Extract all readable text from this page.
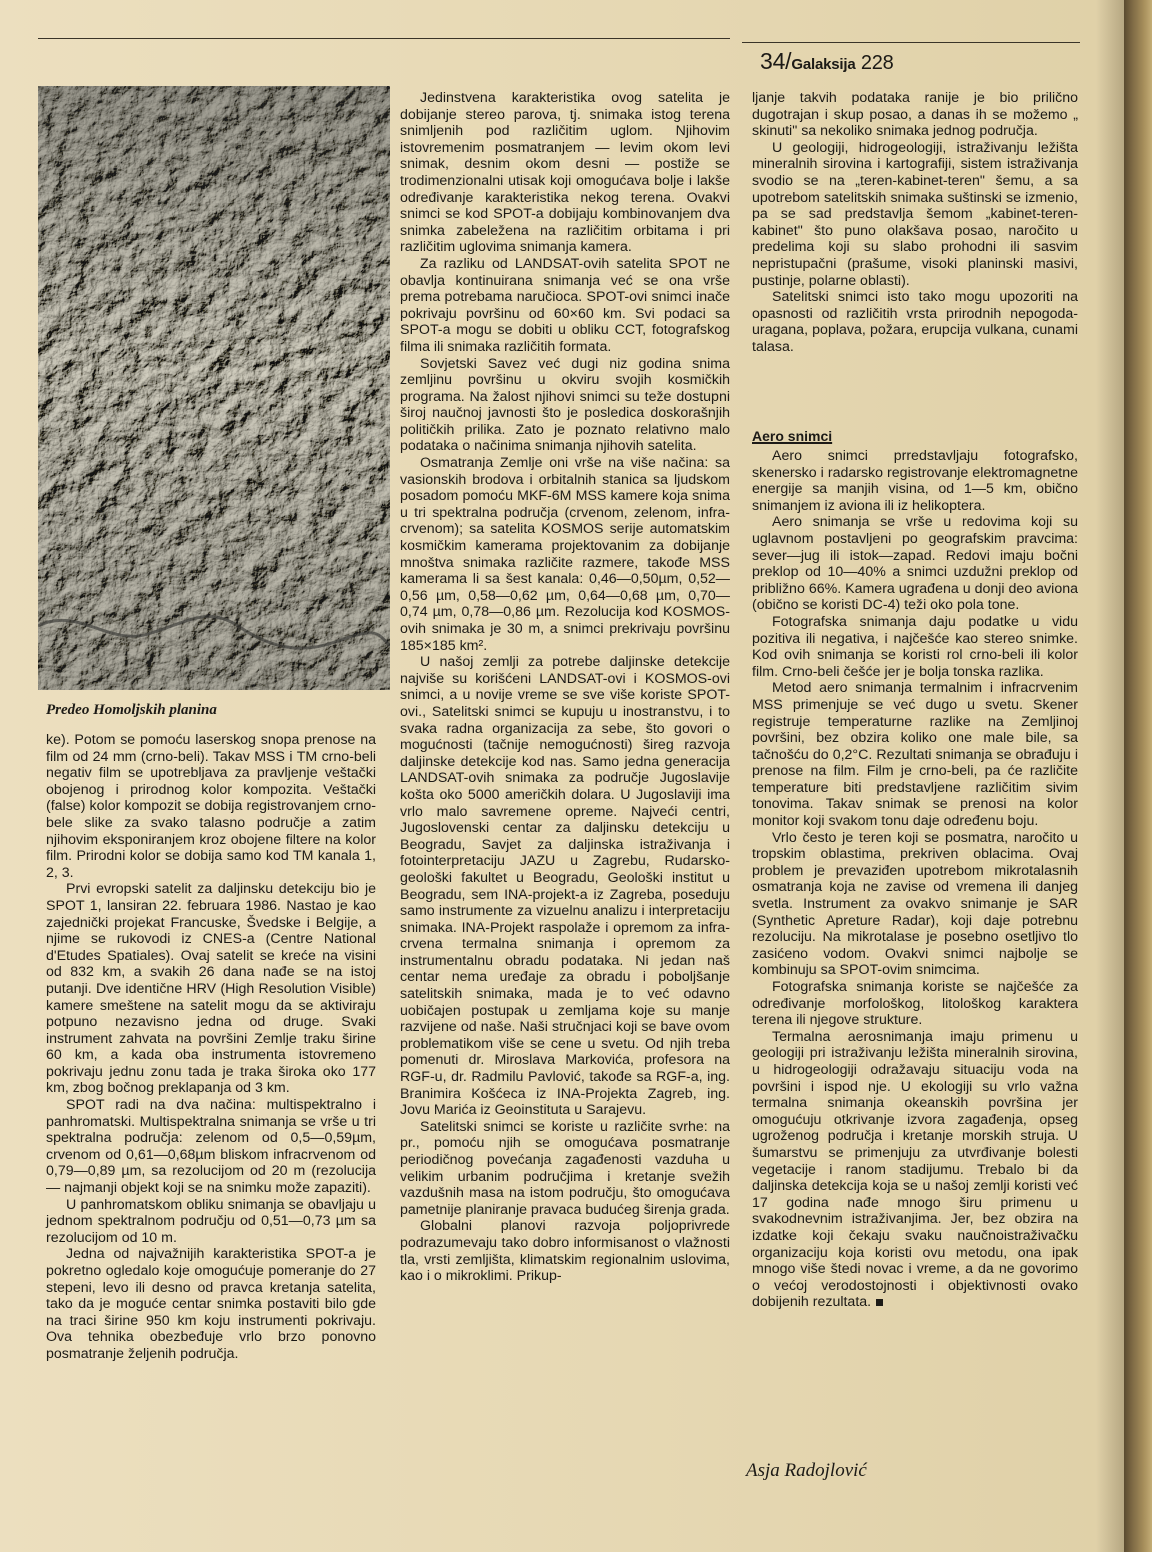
34/Galaksija 228
Predeo Homoljskih planina

ke). Potom se pomoću laserskog snopa prenose na film od 24 mm (crno-beli). Takav MSS i TM crno-beli negativ film se upotrebljava za pravljenje veštački obojenog i prirodnog kolor kompozita. Veštački (false) kolor kompozit se dobija registrovanjem crno-bele slike za svako talasno područje a zatim njihovim eksponiranjem kroz obojene filtere na kolor film. Prirodni kolor se dobija samo kod TM kanala 1, 2, 3.

Prvi evropski satelit za daljinsku detekciju bio je SPOT 1, lansiran 22. februara 1986. Nastao je kao zajednički projekat Francuske, Švedske i Belgije, a njime se rukovodi iz CNES-a (Centre National d'Etudes Spatiales). Ovaj satelit se kreće na visini od 832 km, a svakih 26 dana nađe se na istoj putanji. Dve identične HRV (High Resolution Visible) kamere smeštene na satelit mogu da se aktiviraju potpuno nezavisno jedna od druge. Svaki instrument zahvata na površini Zemlje traku širine 60 km, a kada oba instrumenta istovremeno pokrivaju jednu zonu tada je traka široka oko 177 km, zbog bočnog preklapanja od 3 km.

SPOT radi na dva načina: multispektralno i panhromatski. Multispektralna snimanja se vrše u tri spektralna područja: zelenom od 0,5—0,59µm, crvenom od 0,61—0,68µm bliskom infracrvenom od 0,79—0,89 µm, sa rezolucijom od 20 m (rezolucija — najmanji objekt koji se na snimku može zapaziti).

U panhromatskom obliku snimanja se obavljaju u jednom spektralnom području od 0,51—0,73 µm sa rezolucijom od 10 m.

Jedna od najvažnijih karakteristika SPOT-a je pokretno ogledalo koje omogućuje pomeranje do 27 stepeni, levo ili desno od pravca kretanja satelita, tako da je moguće centar snimka postaviti bilo gde na traci širine 950 km koju instrumenti pokrivaju. Ova tehnika obezbeđuje vrlo brzo ponovno posmatranje željenih područja.

Jedinstvena karakteristika ovog satelita je dobijanje stereo parova, tj. snimaka istog terena snimljenih pod različitim uglom. Njihovim istovremenim posmatranjem — levim okom levi snimak, desnim okom desni — postiže se trodimenzionalni utisak koji omogućava bolje i lakše određivanje karakteristika nekog terena. Ovakvi snimci se kod SPOT-a dobijaju kombinovanjem dva snimka zabeležena na različitim orbitama i pri različitim uglovima snimanja kamera.

Za razliku od LANDSAT-ovih satelita SPOT ne obavlja kontinuirana snimanja već se ona vrše prema potrebama naručioca. SPOT-ovi snimci inače pokrivaju površinu od 60×60 km. Svi podaci sa SPOT-a mogu se dobiti u obliku CCT, fotografskog filma ili snimaka različitih formata.

Sovjetski Savez već dugi niz godina snima zemljinu površinu u okviru svojih kosmičkih programa. Na žalost njihovi snimci su teže dostupni široj naučnoj javnosti što je posledica doskorašnjih političkih prilika. Zato je poznato relativno malo podataka o načinima snimanja njihovih satelita.

Osmatranja Zemlje oni vrše na više načina: sa vasionskih brodova i orbitalnih stanica sa ljudskom posadom pomoću MKF-6M MSS kamere koja snima u tri spektralna područja (crvenom, zelenom, infra-crvenom); sa satelita KOSMOS serije automatskim kosmičkim kamerama projektovanim za dobijanje mnoštva snimaka različite razmere, takođe MSS kamerama li sa šest kanala: 0,46—0,50µm, 0,52—0,56 µm, 0,58—0,62 µm, 0,64—0,68 µm, 0,70—0,74 µm, 0,78—0,86 µm. Rezolucija kod KOSMOS-ovih snimaka je 30 m, a snimci prekrivaju površinu 185×185 km².

U našoj zemlji za potrebe daljinske detekcije najviše su korišćeni LANDSAT-ovi i KOSMOS-ovi snimci, a u novije vreme se sve više koriste SPOT-ovi., Satelitski snimci se kupuju u inostranstvu, i to svaka radna organizacija za sebe, što govori o mogućnosti (tačnije nemogućnosti) šireg razvoja daljinske detekcije kod nas. Samo jedna generacija LANDSAT-ovih snimaka za područje Jugoslavije košta oko 5000 američkih dolara. U Jugoslaviji ima vrlo malo savremene opreme. Najveći centri, Jugoslovenski centar za daljinsku detekciju u Beogradu, Savjet za daljinska istraživanja i fotointerpretaciju JAZU u Zagrebu, Rudarsko-geološki fakultet u Beogradu, Geološki institut u Beogradu, sem INA-projekt-a iz Zagreba, poseduju samo instrumente za vizuelnu analizu i interpretaciju snimaka. INA-Projekt raspolaže i opremom za infra-crvena termalna snimanja i opremom za instrumentalnu obradu podataka. Ni jedan naš centar nema uređaje za obradu i poboljšanje satelitskih snimaka, mada je to već odavno uobičajen postupak u zemljama koje su manje razvijene od naše. Naši stručnjaci koji se bave ovom problematikom više se cene u svetu. Od njih treba pomenuti dr. Miroslava Markovića, profesora na RGF-u, dr. Radmilu Pavlović, takođe sa RGF-a, ing. Branimira Košćeca iz INA-Projekta Zagreb, ing. Jovu Marića iz Geoinstituta u Sarajevu.

Satelitski snimci se koriste u različite svrhe: na pr., pomoću njih se omogućava posmatranje periodičnog povećanja zagađenosti vazduha u velikim urbanim područjima i kretanje svežih vazdušnih masa na istom području, što omogućava pametnije planiranje pravaca budućeg širenja grada.

Globalni planovi razvoja poljoprivrede podrazumevaju tako dobro informisanost o vlažnosti tla, vrsti zemljišta, klimatskim regionalnim uslovima, kao i o mikroklimi. Prikup-

ljanje takvih podataka ranije je bio prilično dugotrajan i skup posao, a danas ih se možemo „ skinuti" sa nekoliko snimaka jednog područja.

U geologiji, hidrogeologiji, istraživanju ležišta mineralnih sirovina i kartografiji, sistem istraživanja svodio se na „teren-kabinet-teren" šemu, a sa upotrebom satelitskih snimaka suštinski se izmenio, pa se sad predstavlja šemom „kabinet-teren-kabinet" što puno olakšava posao, naročito u predelima koji su slabo prohodni ili sasvim nepristupačni (prašume, visoki planinski masivi, pustinje, polarne oblasti).

Satelitski snimci isto tako mogu upozoriti na opasnosti od različitih vrsta prirodnih nepogoda-uragana, poplava, požara, erupcija vulkana, cunami talasa.

Aero snimci

Aero snimci prredstavljaju fotografsko, skenersko i radarsko registrovanje elektromagnetne energije sa manjih visina, od 1—5 km, obično snimanjem iz aviona ili iz helikoptera.

Aero snimanja se vrše u redovima koji su uglavnom postavljeni po geografskim pravcima: sever—jug ili istok—zapad. Redovi imaju bočni preklop od 10—40% a snimci uzdužni preklop od približno 66%. Kamera ugrađena u donji deo aviona (obično se koristi DC-4) teži oko pola tone.

Fotografska snimanja daju podatke u vidu pozitiva ili negativa, i najčešće kao stereo snimke. Kod ovih snimanja se koristi rol crno-beli ili kolor film. Crno-beli češće jer je bolja tonska razlika.

Metod aero snimanja termalnim i infracrvenim MSS primenjuje se već dugo u svetu. Skener registruje temperaturne razlike na Zemljinoj površini, bez obzira koliko one male bile, sa tačnošću do 0,2°C. Rezultati snimanja se obrađuju i prenose na film. Film je crno-beli, pa će različite temperature biti predstavljene različitim sivim tonovima. Takav snimak se prenosi na kolor monitor koji svakom tonu daje određenu boju.

Vrlo često je teren koji se posmatra, naročito u tropskim oblastima, prekriven oblacima. Ovaj problem je prevaziđen upotrebom mikrotalasnih osmatranja koja ne zavise od vremena ili danjeg svetla. Instrument za ovakvo snimanje je SAR (Synthetic Apreture Radar), koji daje potrebnu rezoluciju. Na mikrotalase je posebno osetljivo tlo zasićeno vodom. Ovakvi snimci najbolje se kombinuju sa SPOT-ovim snimcima.

Fotografska snimanja koriste se najčešće za određivanje morfološkog, litološkog karaktera terena ili njegove strukture.

Termalna aerosnimanja imaju primenu u geologiji pri istraživanju ležišta mineralnih sirovina, u hidrogeologiji odražavaju situaciju voda na površini i ispod nje. U ekologiji su vrlo važna termalna snimanja okeanskih površina jer omogućuju otkrivanje izvora zagađenja, opseg ugroženog područja i kretanje morskih struja. U šumarstvu se primenjuju za utvrđivanje bolesti vegetacije i ranom stadijumu. Trebalo bi da daljinska detekcija koja se u našoj zemlji koristi već 17 godina nađe mnogo širu primenu u svakodnevnim istraživanjima. Jer, bez obzira na izdatke koji čekaju svaku naučnoistraživačku organizaciju koja koristi ovu metodu, ona ipak mnogo više štedi novac i vreme, a da ne govorimo o većoj verodostojnosti i objektivnosti ovako dobijenih rezultata.

Asja Radojlović
